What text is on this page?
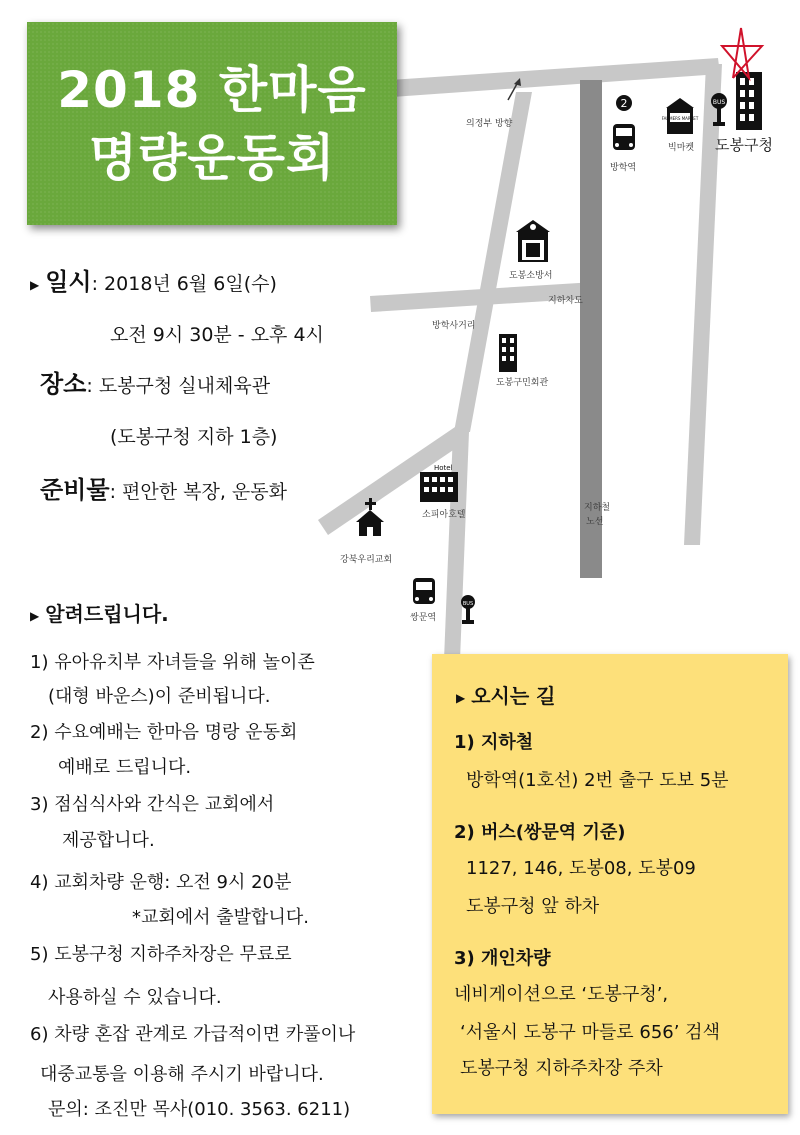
의정부 방향
2
방학역
FARMERS MARKET
빅마켓
BUS
도봉구청
도봉소방서
지하차도
방학사거리
도봉구민회관
Hotel
소피아호텔
강북우리교회
지하철
노선
쌍문역
BUS
2018 한마음
명량운동회
▶ 일시: 2018년 6월 6일(수)
오전 9시 30분 - 오후 4시
장소: 도봉구청 실내체육관
(도봉구청 지하 1층)
준비물: 편안한 복장, 운동화
▶ 알려드립니다.
1) 유아유치부 자녀들을 위해 놀이존
(대형 바운스)이 준비됩니다.
2) 수요예배는 한마음 명랑 운동회
예배로 드립니다.
3) 점심식사와 간식은 교회에서
제공합니다.
4) 교회차량 운행: 오전 9시 20분
*교회에서 출발합니다.
5) 도봉구청 지하주차장은 무료로
사용하실 수 있습니다.
6) 차량 혼잡 관계로 가급적이면 카풀이나
대중교통을 이용해 주시기 바랍니다.
문의: 조진만 목사(010. 3563. 6211)
▶ 오시는 길
1) 지하철
방학역(1호선) 2번 출구 도보 5분
2) 버스(쌍문역 기준)
1127, 146, 도봉08, 도봉09
도봉구청 앞 하차
3) 개인차량
네비게이션으로 ‘도봉구청’,
‘서울시 도봉구 마들로 656’ 검색
도봉구청 지하주차장 주차
